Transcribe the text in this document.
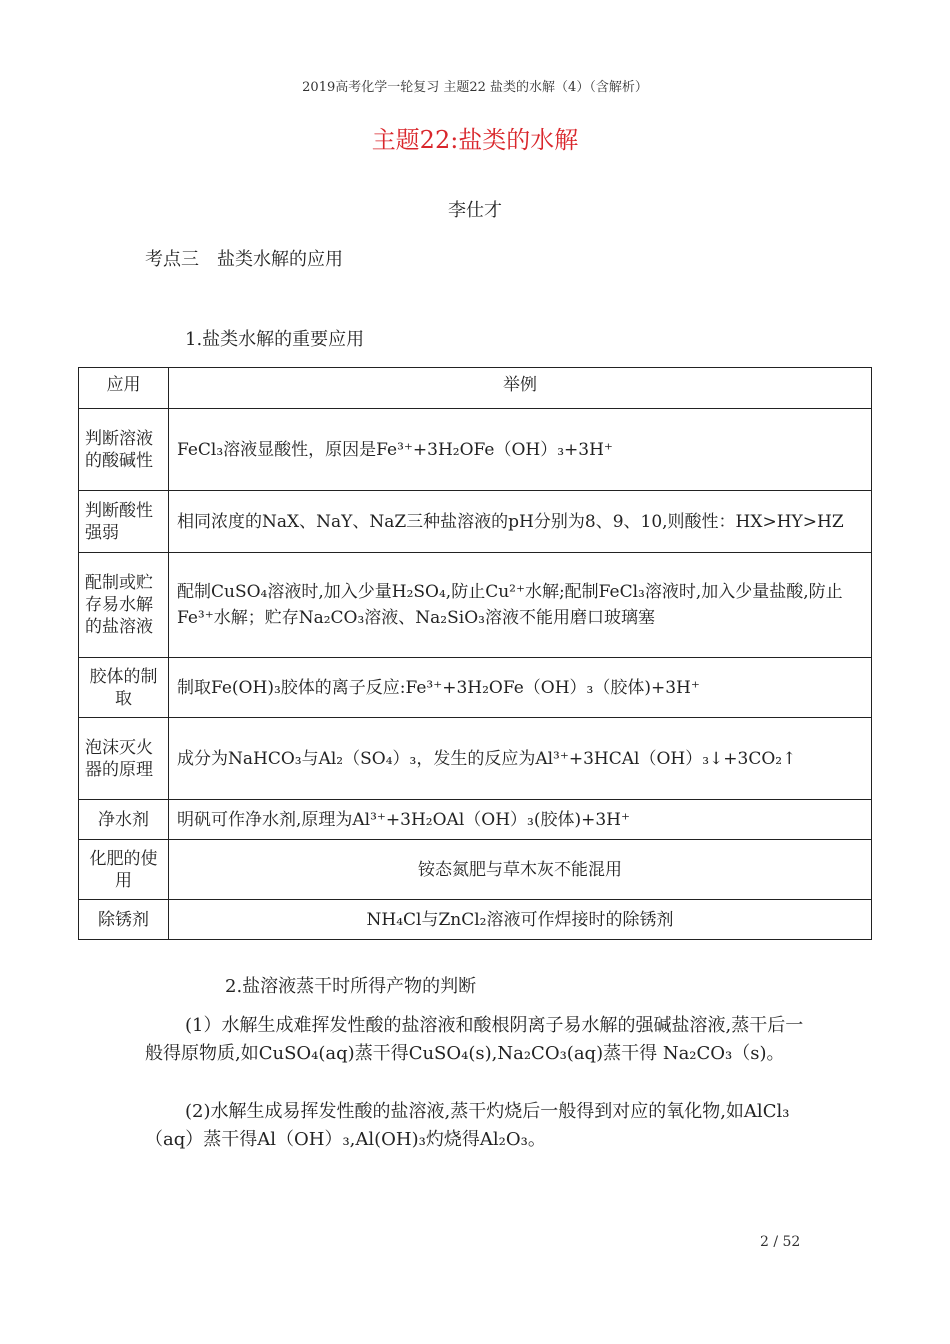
2019高考化学一轮复习 主题22 盐类的水解（4）（含解析）
主题22:盐类的水解
李仕才
考点三　盐类水解的应用
1.盐类水解的重要应用
应用	举例
判断溶液的酸碱性	FeCl₃溶液显酸性，原因是Fe³⁺+3H₂OFe（OH）₃+3H⁺
判断酸性强弱	相同浓度的NaX、NaY、NaZ三种盐溶液的pH分别为8、9、10,则酸性：HX>HY>HZ
配制或贮存易水解的盐溶液	配制CuSO₄溶液时,加入少量H₂SO₄,防止Cu²⁺水解;配制FeCl₃溶液时,加入少量盐酸,防止Fe³⁺水解；贮存Na₂CO₃溶液、Na₂SiO₃溶液不能用磨口玻璃塞
胶体的制取	制取Fe(OH)₃胶体的离子反应:Fe³⁺+3H₂OFe（OH）₃（胶体)+3H⁺
泡沫灭火器的原理	成分为NaHCO₃与Al₂（SO₄）₃，发生的反应为Al³⁺+3HCAl（OH）₃↓+3CO₂↑
净水剂	明矾可作净水剂,原理为Al³⁺+3H₂OAl（OH）₃(胶体)+3H⁺
化肥的使用	铵态氮肥与草木灰不能混用
除锈剂	NH₄Cl与ZnCl₂溶液可作焊接时的除锈剂
2.盐溶液蒸干时所得产物的判断
(1）水解生成难挥发性酸的盐溶液和酸根阴离子易水解的强碱盐溶液,蒸干后一般得原物质,如CuSO₄(aq)蒸干得CuSO₄(s),Na₂CO₃(aq)蒸干得 Na₂CO₃（s)。
(2)水解生成易挥发性酸的盐溶液,蒸干灼烧后一般得到对应的氧化物,如AlCl₃（aq）蒸干得Al（OH）₃,Al(OH)₃灼烧得Al₂O₃。
2 / 52
